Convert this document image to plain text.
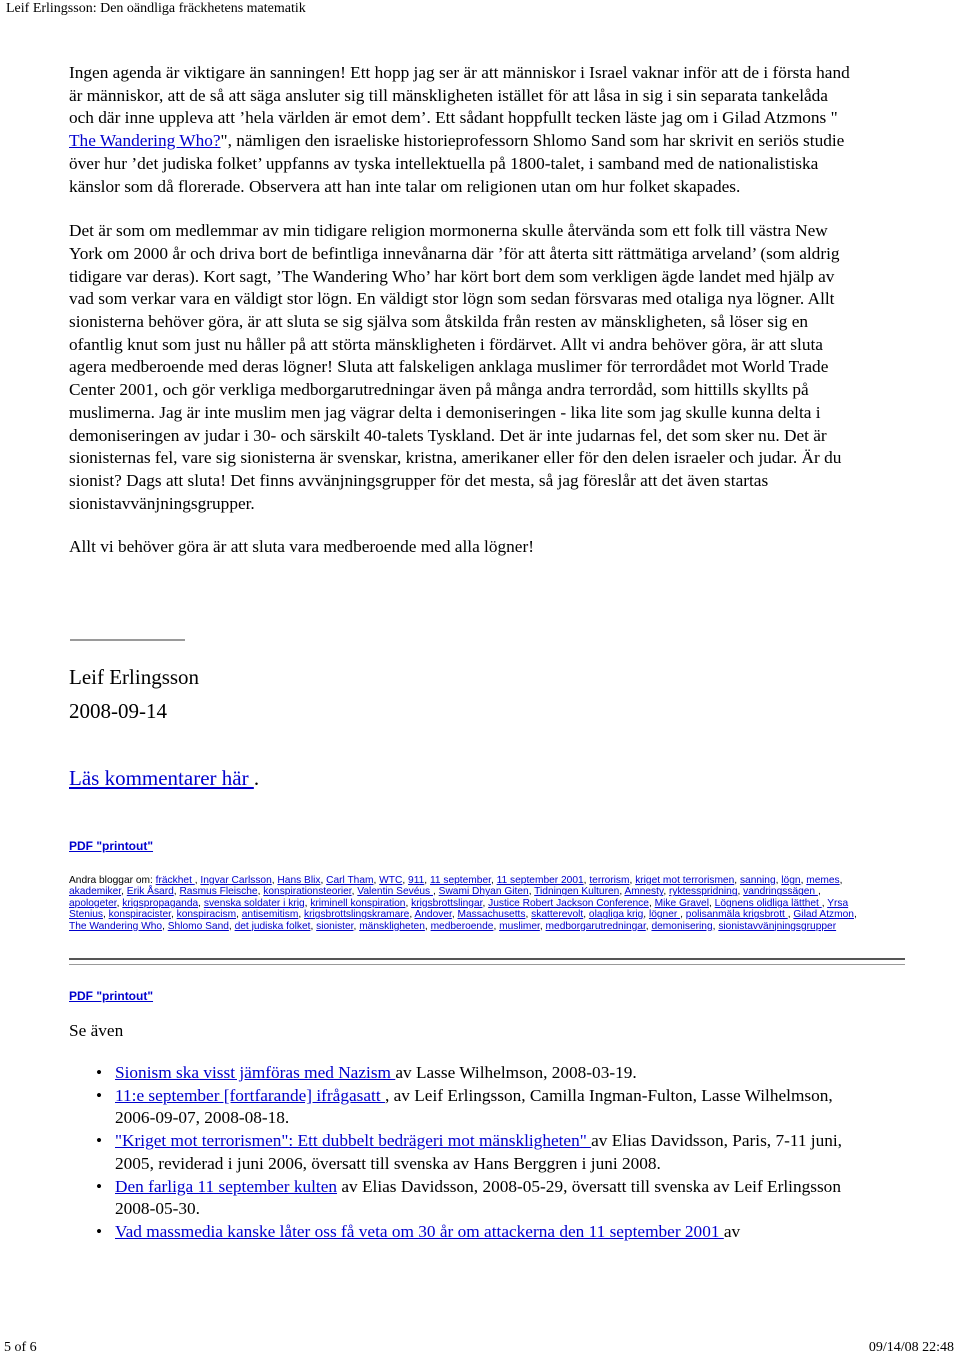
Leif Erlingsson: Den oändliga fräckhetens matematik

Ingen agenda är viktigare än sanningen! Ett hopp jag ser är att människor i Israel vaknar inför att de i första hand är människor, att de så att säga ansluter sig till mänskligheten istället för att låsa in sig i sin separata tankelåda och där inne uppleva att ’hela världen är emot dem’. Ett sådant hoppfullt tecken läste jag om i Gilad Atzmons " The Wandering Who?", nämligen den israeliske historieprofessorn Shlomo Sand som har skrivit en seriös studie över hur ’det judiska folket’ uppfanns av tyska intellektuella på 1800-talet, i samband med de nationalistiska känslor som då florerade. Observera att han inte talar om religionen utan om hur folket skapades.

Det är som om medlemmar av min tidigare religion mormonerna skulle återvända som ett folk till västra New York om 2000 år och driva bort de befintliga innevånarna där ’för att återta sitt rättmätiga arveland’ (som aldrig tidigare var deras). Kort sagt, ’The Wandering Who’ har kört bort dem som verkligen ägde landet med hjälp av vad som verkar vara en väldigt stor lögn. En väldigt stor lögn som sedan försvaras med otaliga nya lögner. Allt sionisterna behöver göra, är att sluta se sig själva som åtskilda från resten av mänskligheten, så löser sig en ofantlig knut som just nu håller på att störta mänskligheten i fördärvet. Allt vi andra behöver göra, är att sluta agera medberoende med deras lögner! Sluta att falskeligen anklaga muslimer för terrordådet mot World Trade Center 2001, och gör verkliga medborgarutredningar även på många andra terrordåd, som hittills skyllts på muslimerna. Jag är inte muslim men jag vägrar delta i demoniseringen - lika lite som jag skulle kunna delta i demoniseringen av judar i 30- och särskilt 40-talets Tyskland. Det är inte judarnas fel, det som sker nu. Det är sionisternas fel, vare sig sionisterna är svenskar, kristna, amerikaner eller för den delen israeler och judar. Är du sionist? Dags att sluta! Det finns avvänjningsgrupper för det mesta, så jag föreslår att det även startas sionistavvänjningsgrupper.

Allt vi behöver göra är att sluta vara medberoende med alla lögner!

Leif Erlingsson
2008-09-14
Läs kommentarer här .
PDF "printout"
Andra bloggar om: fräckhet , Ingvar Carlsson, Hans Blix, Carl Tham, WTC, 911, 11 september, 11 september 2001, terrorism, kriget mot terrorismen, sanning, lögn, memes, akademiker, Erik Åsard, Rasmus Fleische, konspirationsteorier, Valentin Sevéus , Swami Dhyan Giten, Tidningen Kulturen, Amnesty, ryktesspridning, vandringssägen , apologeter, krigspropaganda, svenska soldater i krig, kriminell konspiration, krigsbrottslingar, Justice Robert Jackson Conference, Mike Gravel, Lögnens olidliga lätthet , Yrsa Stenius, konspiracister, konspiracism, antisemitism, krigsbrottslingskramare, Andover, Massachusetts, skatterevolt, olagliga krig, lögner , polisanmäla krigsbrott , Gilad Atzmon, The Wandering Who, Shlomo Sand, det judiska folket, sionister, mänskligheten, medberoende, muslimer, medborgarutredningar, demonisering, sionistavvänjningsgrupper
PDF "printout"
Se även
• Sionism ska visst jämföras med Nazism av Lasse Wilhelmson, 2008-03-19.
• 11:e september [fortfarande] ifrågasatt , av Leif Erlingsson, Camilla Ingman-Fulton, Lasse Wilhelmson, 2006-09-07, 2008-08-18.
• "Kriget mot terrorismen": Ett dubbelt bedrägeri mot mänskligheten" av Elias Davidsson, Paris, 7-11 juni, 2005, reviderad i juni 2006, översatt till svenska av Hans Berggren i juni 2008.
• Den farliga 11 september kulten av Elias Davidsson, 2008-05-29, översatt till svenska av Leif Erlingsson 2008-05-30.
• Vad massmedia kanske låter oss få veta om 30 år om attackerna den 11 september 2001 av
5 of 6	09/14/08 22:48
